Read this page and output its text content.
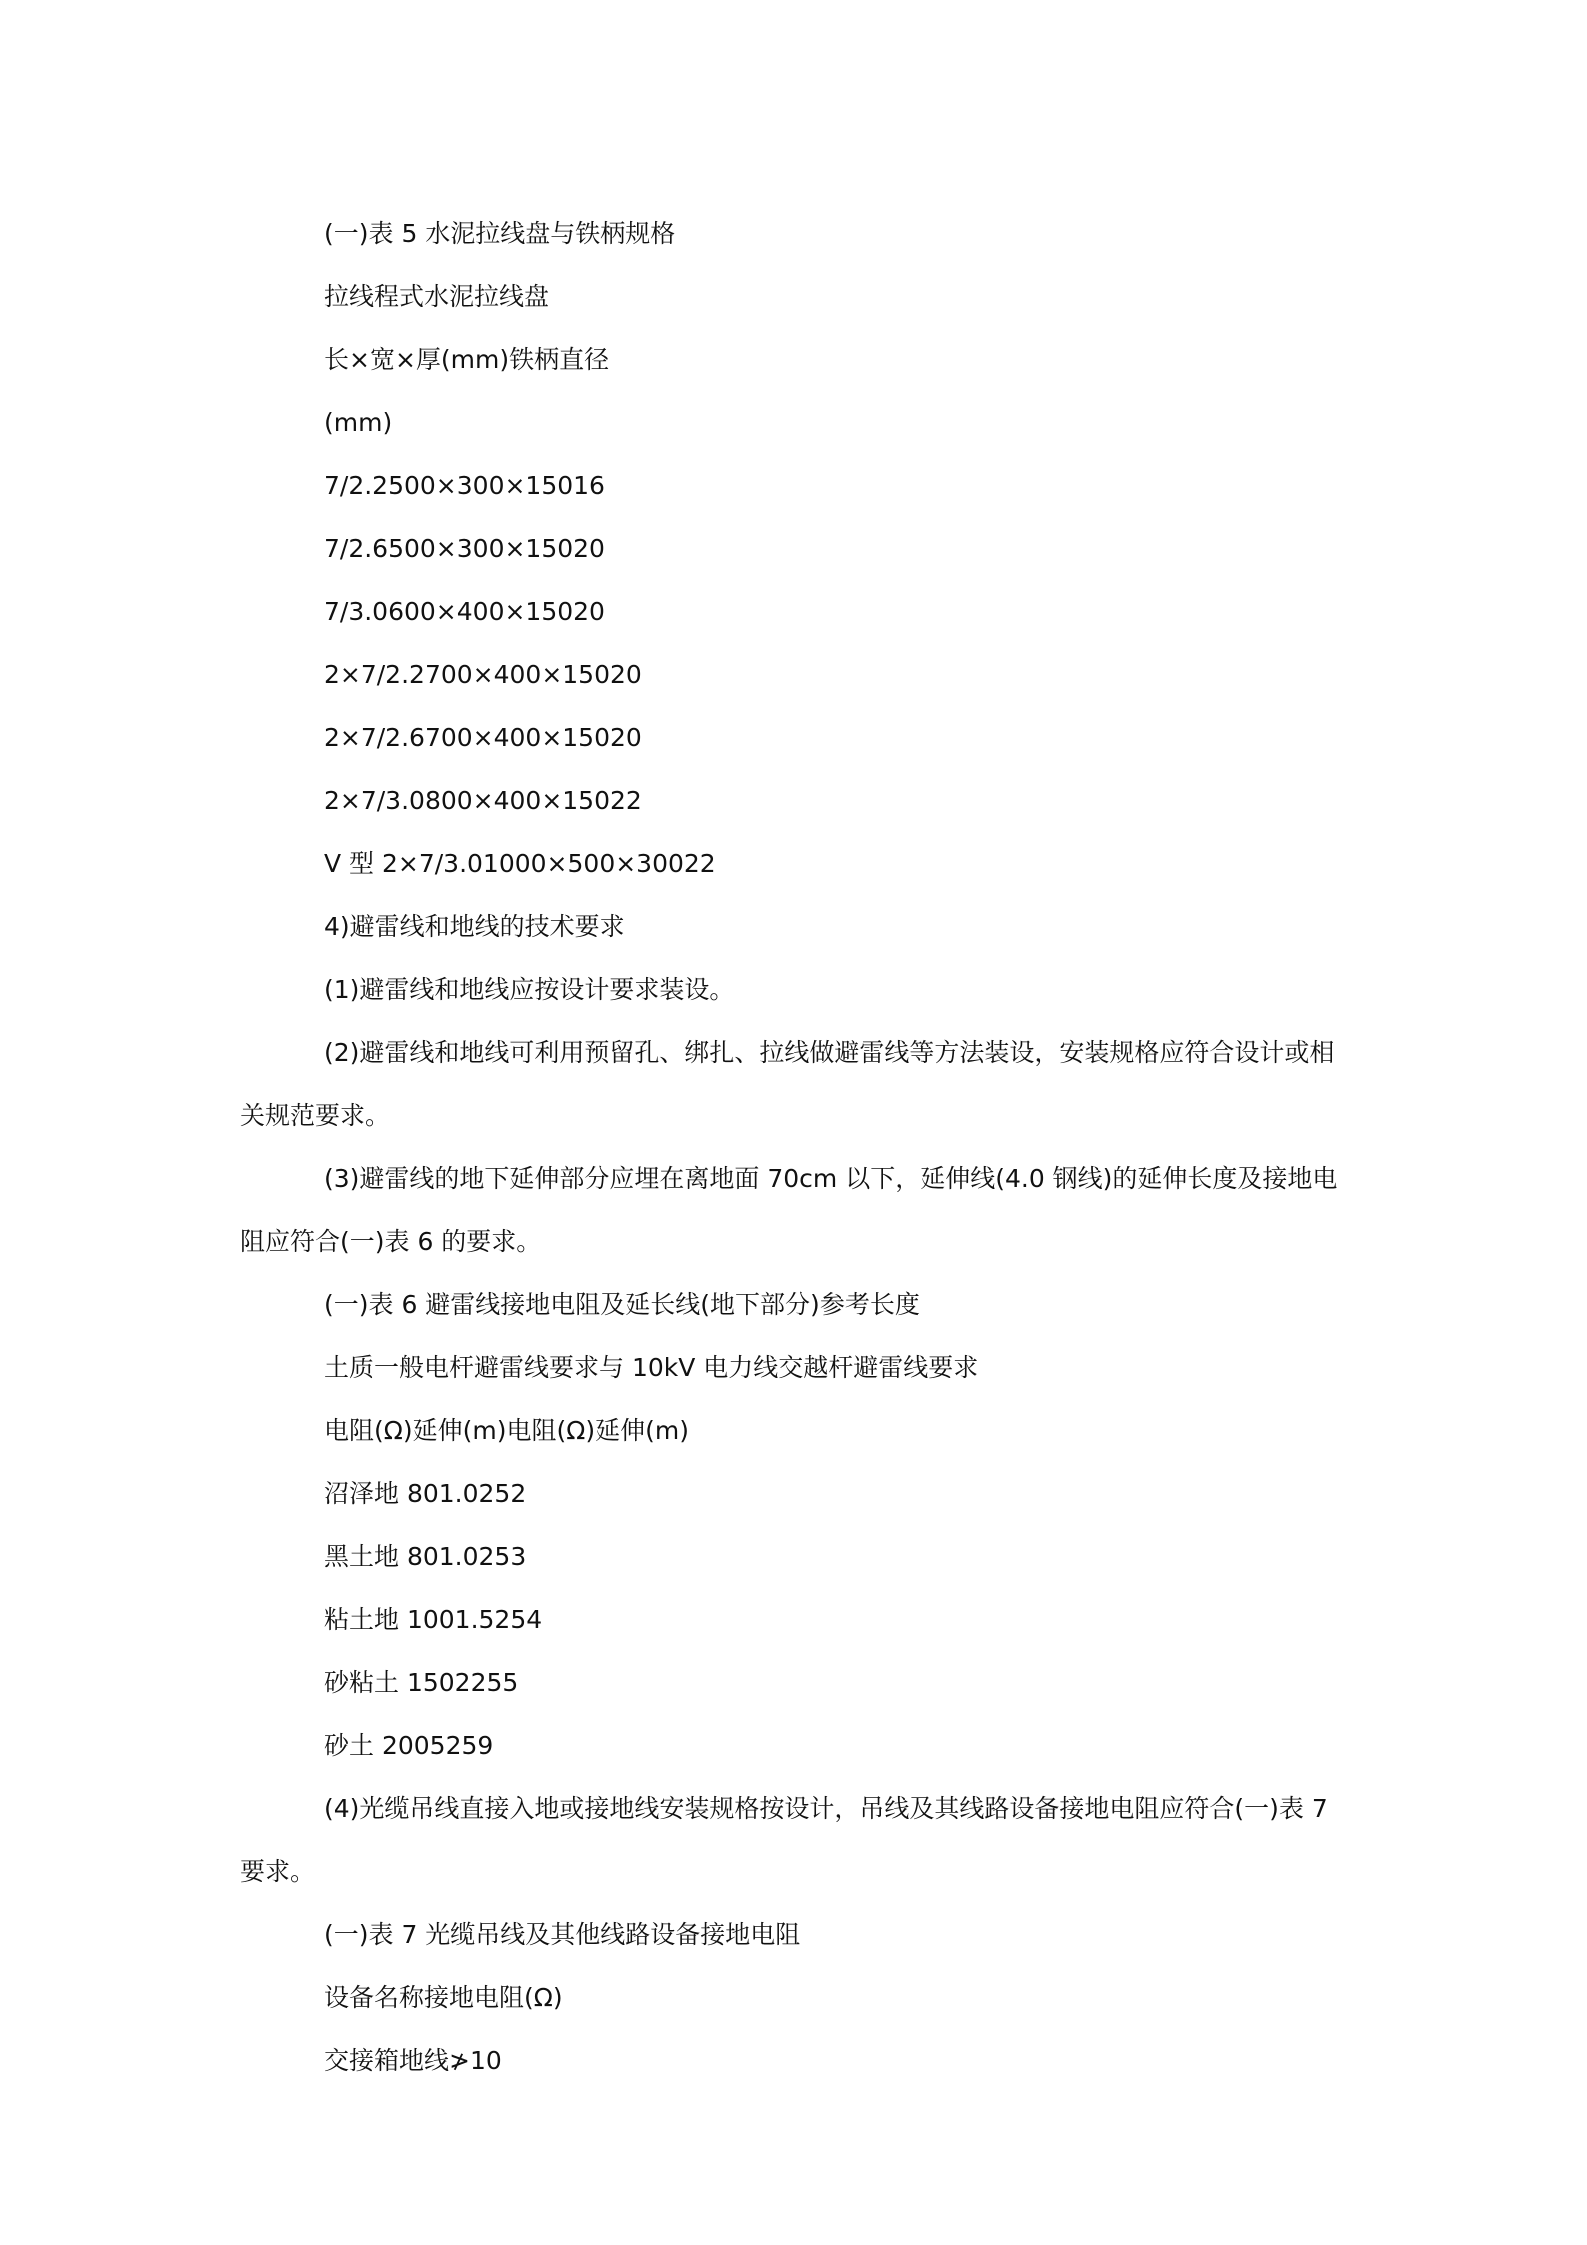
(一)表 5 水泥拉线盘与铁柄规格

拉线程式水泥拉线盘

长×宽×厚(mm)铁柄直径

(mm)

7/2.2500×300×15016

7/2.6500×300×15020

7/3.0600×400×15020

2×7/2.2700×400×15020

2×7/2.6700×400×15020

2×7/3.0800×400×15022

V 型 2×7/3.01000×500×30022

4)避雷线和地线的技术要求

(1)避雷线和地线应按设计要求装设。

(2)避雷线和地线可利用预留孔、绑扎、拉线做避雷线等方法装设，安装规格应符合设计或相关规范要求。

(3)避雷线的地下延伸部分应埋在离地面 70cm 以下，延伸线(4.0 钢线)的延伸长度及接地电阻应符合(一)表 6 的要求。

(一)表 6 避雷线接地电阻及延长线(地下部分)参考长度

土质一般电杆避雷线要求与 10kV 电力线交越杆避雷线要求

电阻(Ω)延伸(m)电阻(Ω)延伸(m)

沼泽地 801.0252

黑土地 801.0253

粘土地 1001.5254

砂粘土 1502255

砂土 2005259

(4)光缆吊线直接入地或接地线安装规格按设计，吊线及其线路设备接地电阻应符合(一)表 7 要求。

(一)表 7 光缆吊线及其他线路设备接地电阻

设备名称接地电阻(Ω)

交接箱地线≯10
